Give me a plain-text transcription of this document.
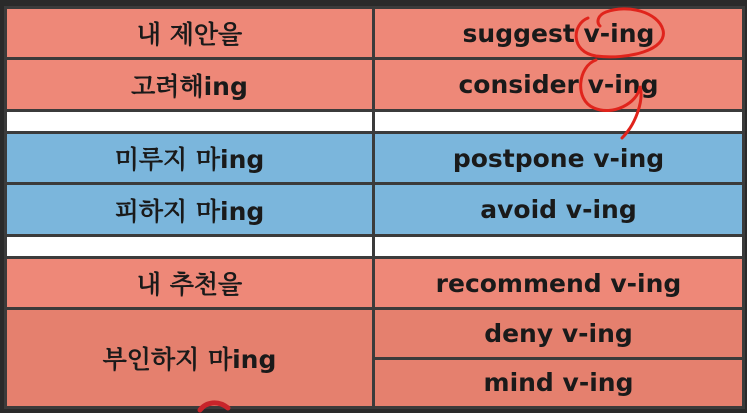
내 제안을	suggest v-ing
고려해ing	consider v-ing

미루지 마ing	postpone v-ing
피하지 마ing	avoid v-ing

내 추천을	recommend v-ing
부인하지 마ing	deny v-ing
	mind v-ing
